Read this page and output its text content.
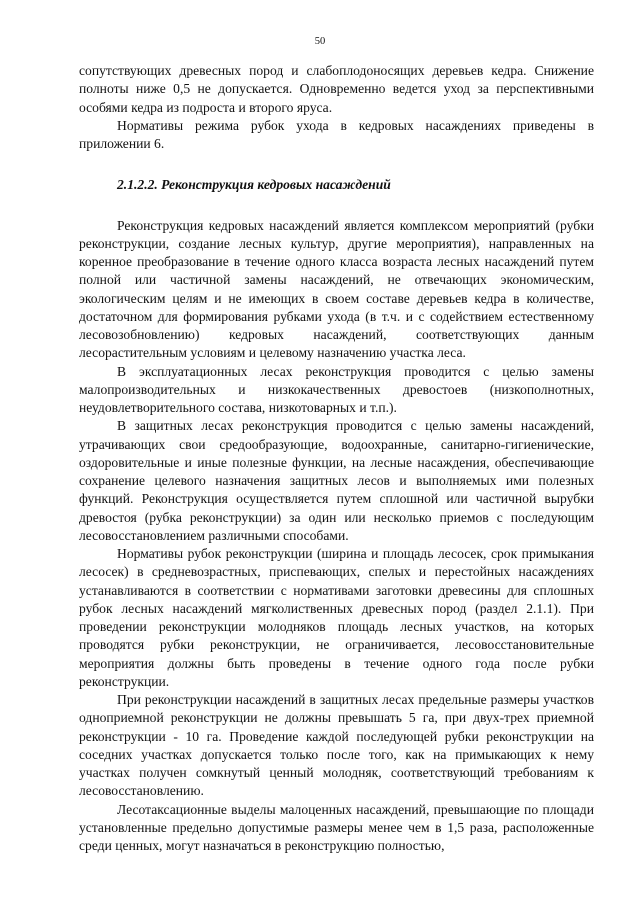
50

сопутствующих древесных пород и слабоплодоносящих деревьев кедра. Снижение полноты ниже 0,5 не допускается. Одновременно ведется уход за перспективными особями кедра из подроста и второго яруса.

Нормативы режима рубок ухода в кедровых насаждениях приведены в приложении 6.

2.1.2.2. Реконструкция кедровых насаждений

Реконструкция кедровых насаждений является комплексом мероприятий (рубки реконструкции, создание лесных культур, другие мероприятия), направленных на коренное преобразование в течение одного класса возраста лесных насаждений путем полной или частичной замены насаждений, не отвечающих экономическим, экологическим целям и не имеющих в своем составе деревьев кедра в количестве, достаточном для формирования рубками ухода (в т.ч. и с содействием естественному лесовозобновлению) кедровых насаждений, соответствующих данным лесорастительным условиям и целевому назначению участка леса.

В эксплуатационных лесах реконструкция проводится с целью замены малопроизводительных и низкокачественных древостоев (низкополнотных, неудовлетворительного состава, низкотоварных и т.п.).

В защитных лесах реконструкция проводится с целью замены насаждений, утрачивающих свои средообразующие, водоохранные, санитарно-гигиенические, оздоровительные и иные полезные функции, на лесные насаждения, обеспечивающие сохранение целевого назначения защитных лесов и выполняемых ими полезных функций. Реконструкция осуществляется путем сплошной или частичной вырубки древостоя (рубка реконструкции) за один или несколько приемов с последующим лесовосстановлением различными способами.

Нормативы рубок реконструкции (ширина и площадь лесосек, срок примыкания лесосек) в средневозрастных, приспевающих, спелых и перестойных насаждениях устанавливаются в соответствии с нормативами заготовки древесины для сплошных рубок лесных насаждений мягколиственных древесных пород (раздел 2.1.1). При проведении реконструкции молодняков площадь лесных участков, на которых проводятся рубки реконструкции, не ограничивается, лесовосстановительные мероприятия должны быть проведены в течение одного года после рубки реконструкции.

При реконструкции насаждений в защитных лесах предельные размеры участков одноприемной реконструкции не должны превышать 5 га, при двух-трех приемной реконструкции - 10 га. Проведение каждой последующей рубки реконструкции на соседних участках допускается только после того, как на примыкающих к нему участках получен сомкнутый ценный молодняк, соответствующий требованиям к лесовосстановлению.

Лесотаксационные выделы малоценных насаждений, превышающие по площади установленные предельно допустимые размеры менее чем в 1,5 раза, расположенные среди ценных, могут назначаться в реконструкцию полностью,
